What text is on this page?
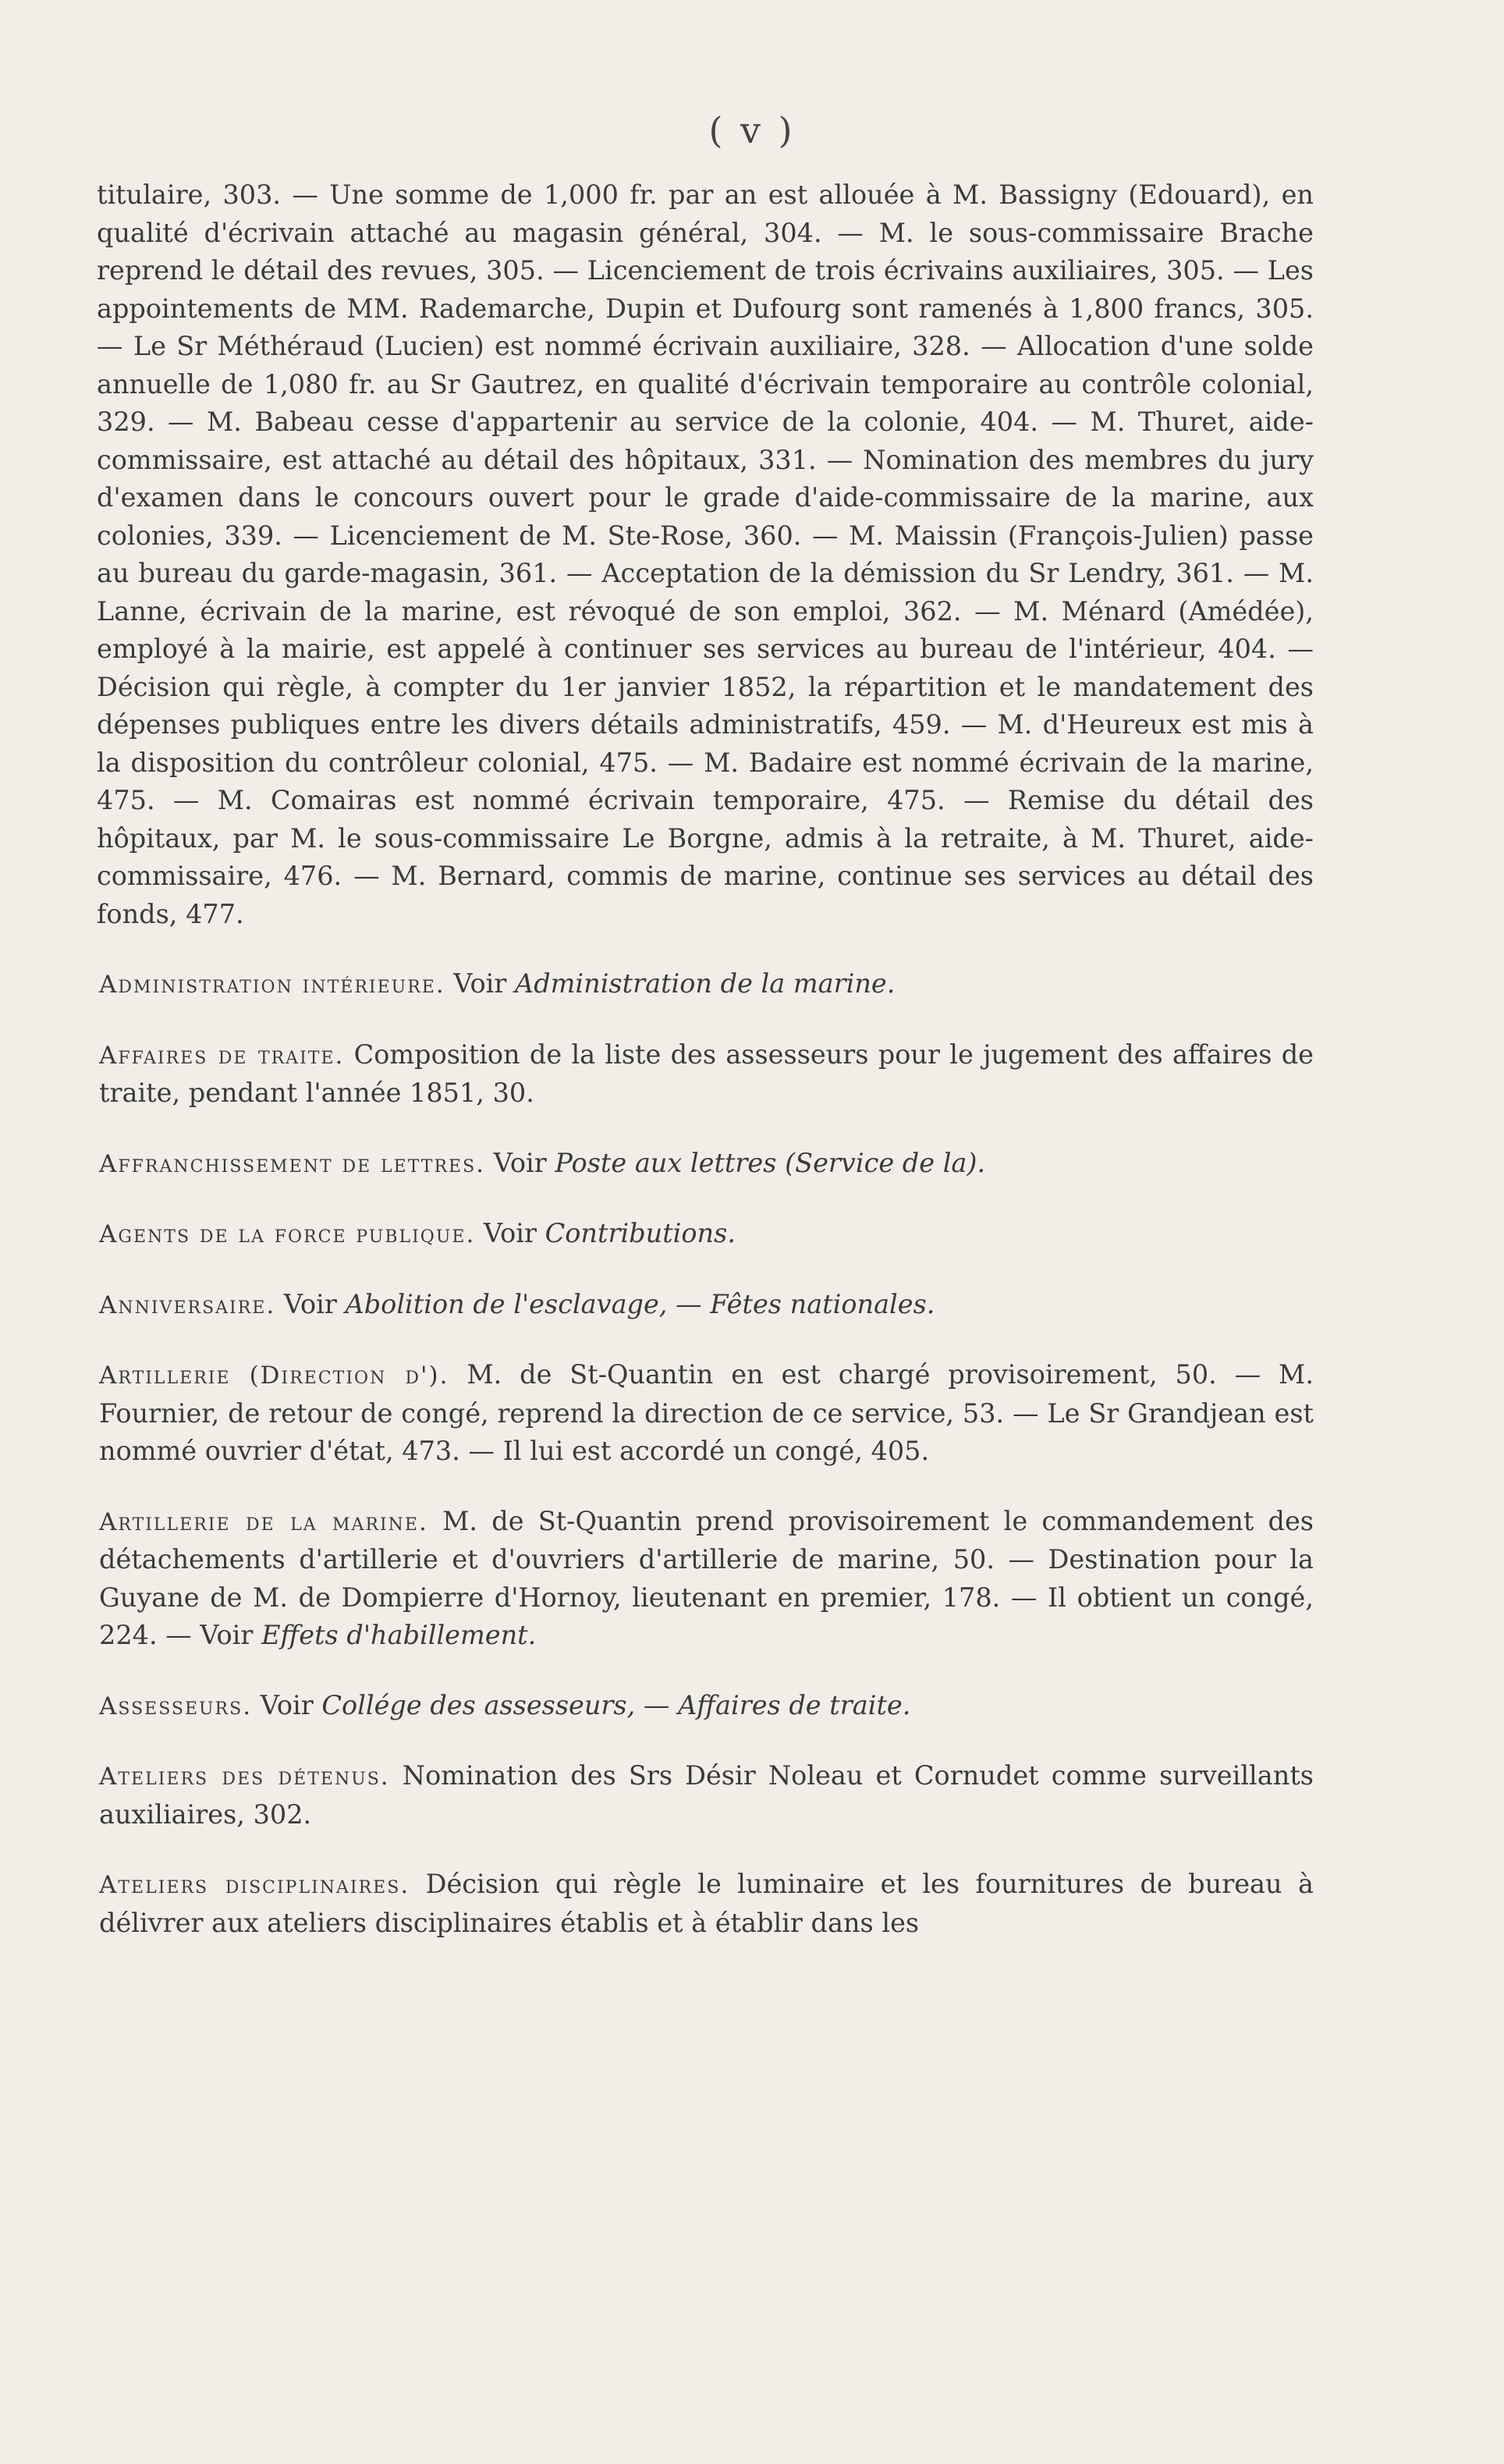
( v )

titulaire, 303. — Une somme de 1,000 fr. par an est allouée à M. Bassigny (Edouard), en qualité d'écrivain attaché au magasin général, 304. — M. le sous-commissaire Brache reprend le détail des revues, 305. — Licenciement de trois écrivains auxiliaires, 305. — Les appointements de MM. Rademarche, Dupin et Dufourg sont ramenés à 1,800 francs, 305. — Le Sr Méthéraud (Lucien) est nommé écrivain auxiliaire, 328. — Allocation d'une solde annuelle de 1,080 fr. au Sr Gautrez, en qualité d'écrivain temporaire au contrôle colonial, 329. — M. Babeau cesse d'appartenir au service de la colonie, 404. — M. Thuret, aide-commissaire, est attaché au détail des hôpitaux, 331. — Nomination des membres du jury d'examen dans le concours ouvert pour le grade d'aide-commissaire de la marine, aux colonies, 339. — Licenciement de M. Ste-Rose, 360. — M. Maissin (François-Julien) passe au bureau du garde-magasin, 361. — Acceptation de la démission du Sr Lendry, 361. — M. Lanne, écrivain de la marine, est révoqué de son emploi, 362. — M. Ménard (Amédée), employé à la mairie, est appelé à continuer ses services au bureau de l'intérieur, 404. — Décision qui règle, à compter du 1er janvier 1852, la répartition et le mandatement des dépenses publiques entre les divers détails administratifs, 459. — M. d'Heureux est mis à la disposition du contrôleur colonial, 475. — M. Badaire est nommé écrivain de la marine, 475. — M. Comairas est nommé écrivain temporaire, 475. — Remise du détail des hôpitaux, par M. le sous-commissaire Le Borgne, admis à la retraite, à M. Thuret, aide-commissaire, 476. — M. Bernard, commis de marine, continue ses services au détail des fonds, 477.

Administration intérieure. Voir Administration de la marine.
Affaires de traite. Composition de la liste des assesseurs pour le jugement des affaires de traite, pendant l'année 1851, 30.
Affranchissement de lettres. Voir Poste aux lettres (Service de la).
Agents de la force publique. Voir Contributions.
Anniversaire. Voir Abolition de l'esclavage, — Fêtes nationales.
Artillerie (Direction d'). M. de St-Quantin en est chargé provisoirement, 50. — M. Fournier, de retour de congé, reprend la direction de ce service, 53. — Le Sr Grandjean est nommé ouvrier d'état, 473. — Il lui est accordé un congé, 405.
Artillerie de la marine. M. de St-Quantin prend provisoirement le commandement des détachements d'artillerie et d'ouvriers d'artillerie de marine, 50. — Destination pour la Guyane de M. de Dompierre d'Hornoy, lieutenant en premier, 178. — Il obtient un congé, 224. — Voir Effets d'habillement.
Assesseurs. Voir Collége des assesseurs, — Affaires de traite.
Ateliers des détenus. Nomination des Srs Désir Noleau et Cornudet comme surveillants auxiliaires, 302.
Ateliers disciplinaires. Décision qui règle le luminaire et les fournitures de bureau à délivrer aux ateliers disciplinaires établis et à établir dans les
